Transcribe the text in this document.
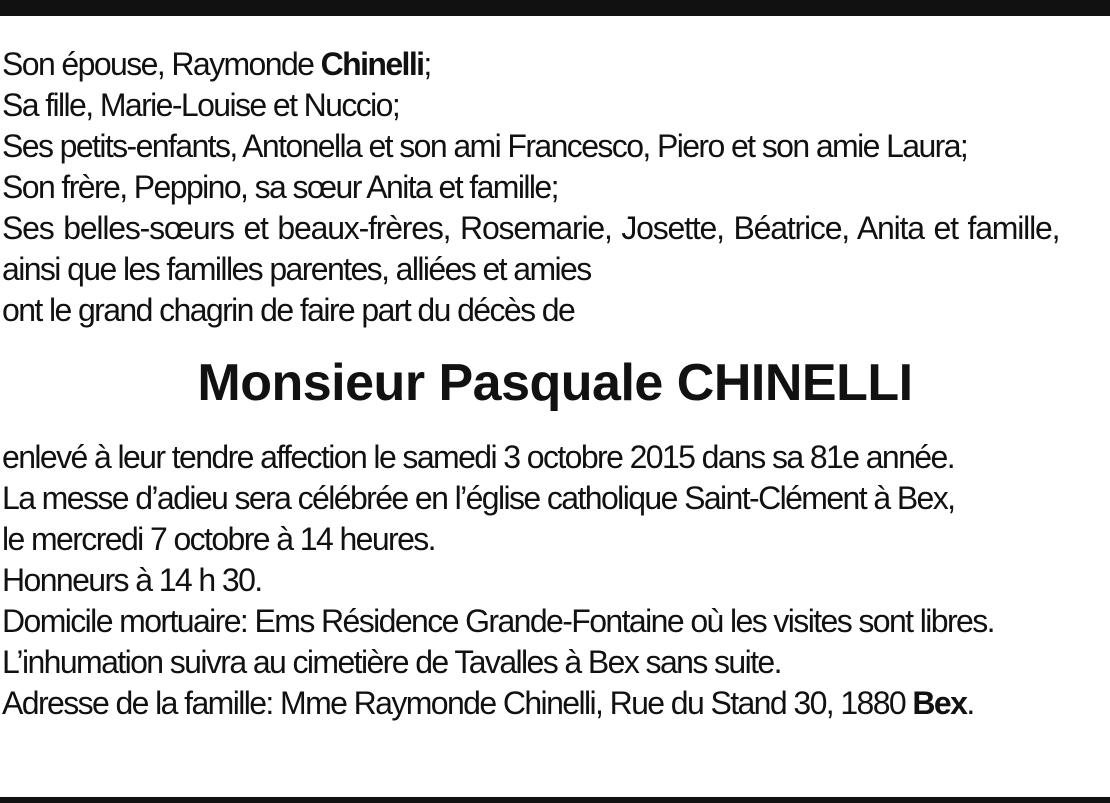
Son épouse, Raymonde Chinelli;
Sa fille, Marie-Louise et Nuccio;
Ses petits-enfants, Antonella et son ami Francesco, Piero et son amie Laura;
Son frère, Peppino, sa sœur Anita et famille;
Ses belles-sœurs et beaux-frères, Rosemarie, Josette, Béatrice, Anita et famille,
ainsi que les familles parentes, alliées et amies
ont le grand chagrin de faire part du décès de
Monsieur Pasquale CHINELLI
enlevé à leur tendre affection le samedi 3 octobre 2015 dans sa 81e année.
La messe d’adieu sera célébrée en l’église catholique Saint-Clément à Bex,
le mercredi 7 octobre à 14 heures.
Honneurs à 14 h 30.
Domicile mortuaire: Ems Résidence Grande-Fontaine où les visites sont libres.
L’inhumation suivra au cimetière de Tavalles à Bex sans suite.
Adresse de la famille: Mme Raymonde Chinelli, Rue du Stand 30, 1880 Bex.
